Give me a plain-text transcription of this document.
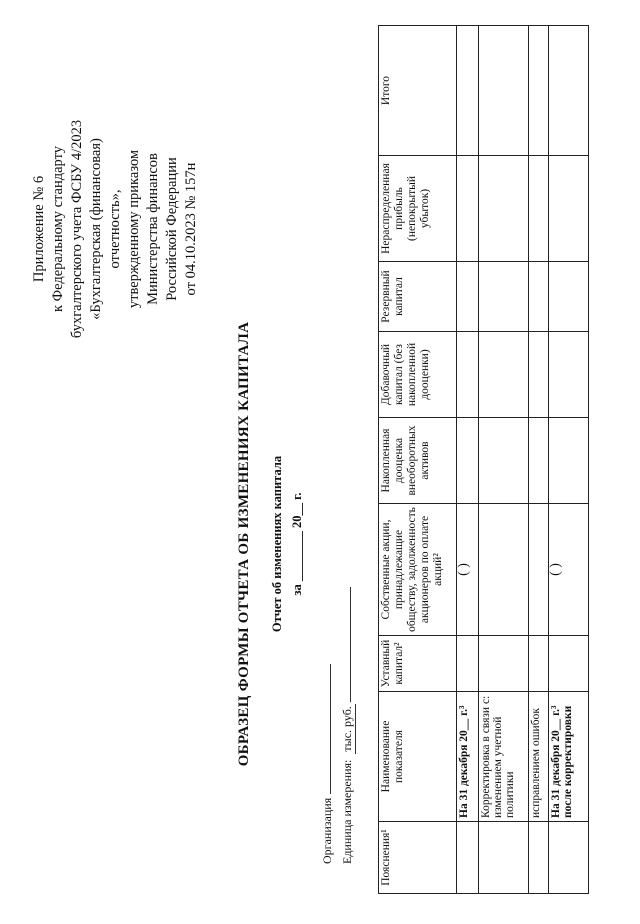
Приложение № 6 к Федеральному стандарту бухгалтерского учета ФСБУ 4/2023 «Бухгалтерская (финансовая) отчетность», утвержденному приказом Министерства финансов Российской Федерации от 04.10.2023 № 157н
ОБРАЗЕЦ ФОРМЫ ОТЧЕТА ОБ ИЗМЕНЕНИЯХ КАПИТАЛА Отчет об изменениях капитала за ________ 20__ г.
Организация Единица измерения:тыс. руб.
Пояснения¹	Наименование показателя	Уставный капитал²	Собственные акции, принадлежащие обществу, задолженность акционеров по оплате акций²	Накопленная дооценка внеоборотных активов	Добавочный капитал (без накопленной дооценки)	Резервный капитал	Нераспределенная прибыль (непокрытый убыток)	Итого
	На 31 декабря 20__ г.³		( )					
	Корректировка в связи с: изменением учетной политики							
	исправлением ошибок							
	На 31 декабря 20__ г.³ после корректировки		( )					
